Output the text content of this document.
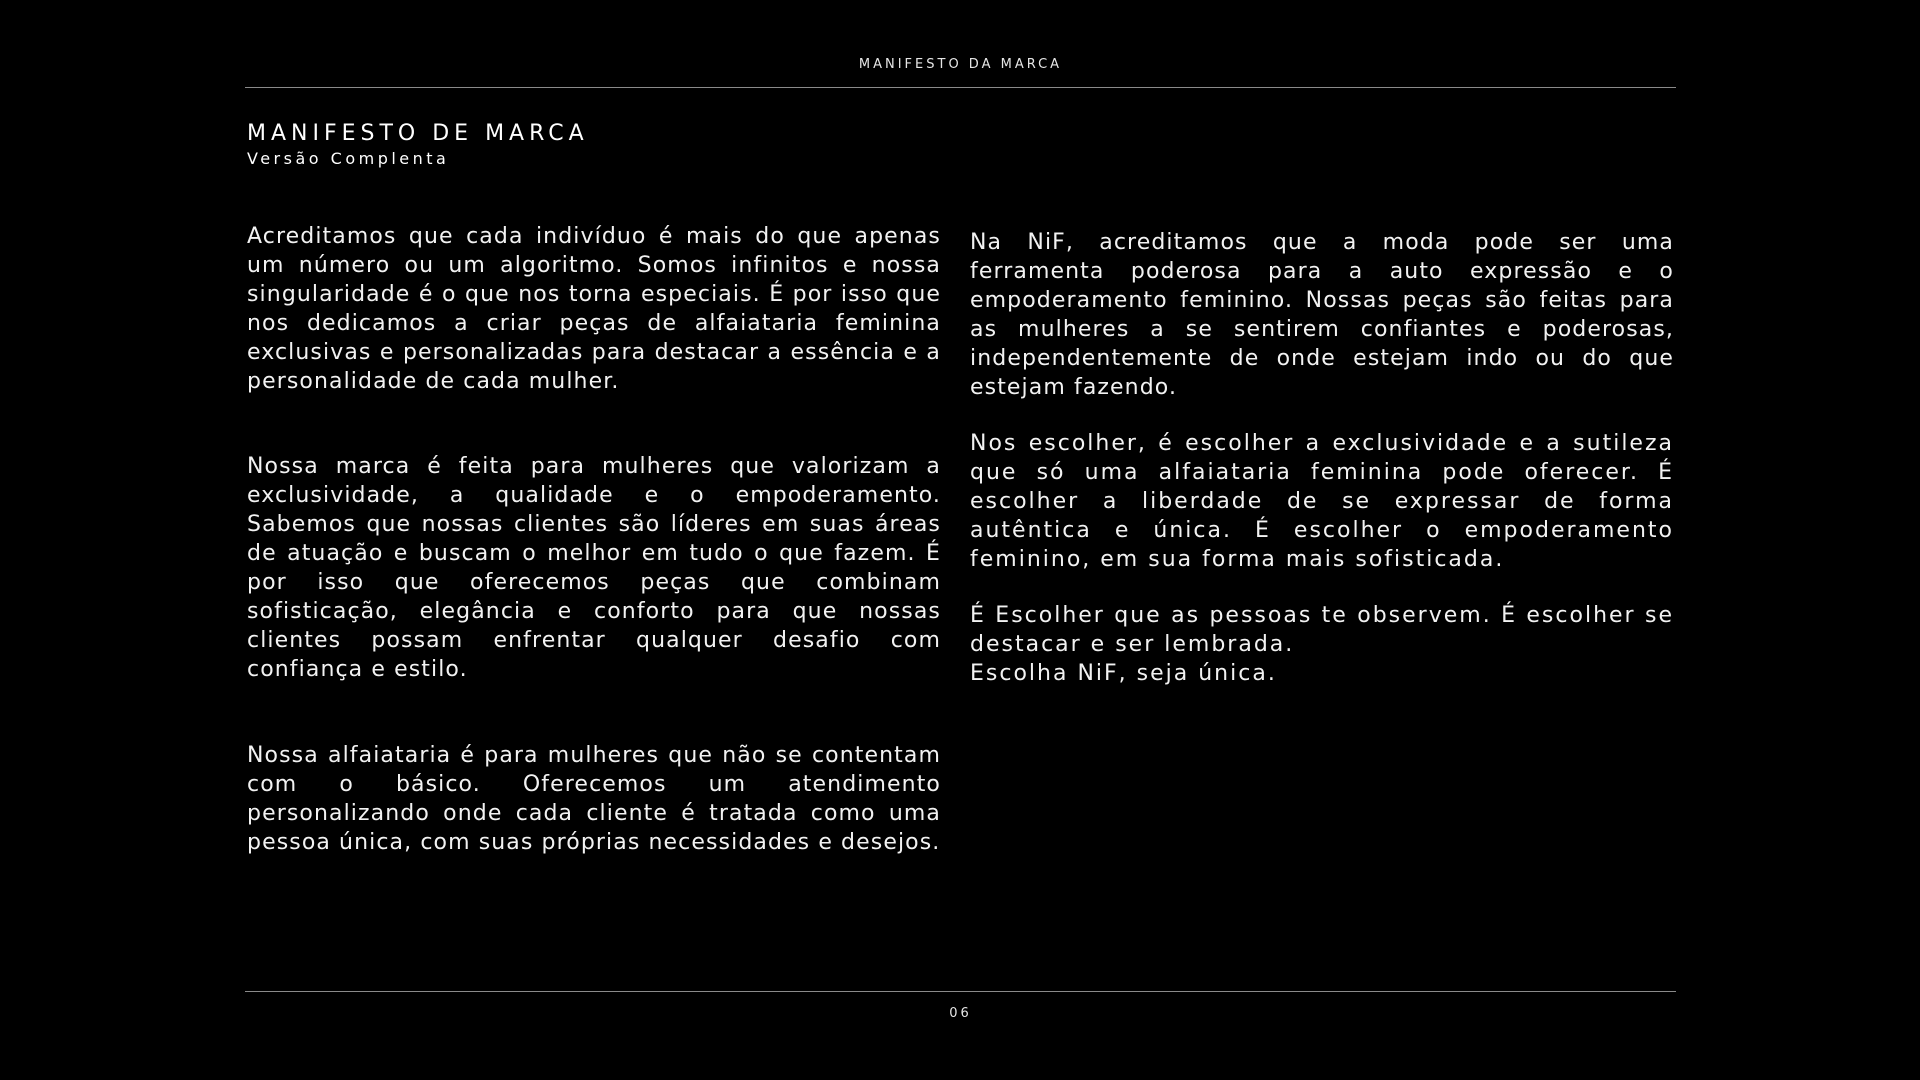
MANIFESTO DA MARCA
MANIFESTO DE MARCA
Versão Complenta

Acreditamos que cada indivíduo é mais do que apenas um número ou um algoritmo. Somos infinitos e nossa singularidade é o que nos torna especiais. É por isso que nos dedicamos a criar peças de alfaiataria feminina exclusivas e personalizadas para destacar a essência e a personalidade de cada mulher.

Nossa marca é feita para mulheres que valorizam a exclusividade, a qualidade e o empoderamento. Sabemos que nossas clientes são líderes em suas áreas de atuação e buscam o melhor em tudo o que fazem. É por isso que oferecemos peças que combinam sofisticação, elegância e conforto para que nossas clientes possam enfrentar qualquer desafio com confiança e estilo.

Nossa alfaiataria é para mulheres que não se contentam com o básico. Oferecemos um atendimento personalizando onde cada cliente é tratada como uma pessoa única, com suas próprias necessidades e desejos.

Na NiF, acreditamos que a moda pode ser uma ferramenta poderosa para a auto expressão e o empoderamento feminino. Nossas peças são feitas para as mulheres a se sentirem confiantes e poderosas, independentemente de onde estejam indo ou do que estejam fazendo.

Nos escolher, é escolher a exclusividade e a sutileza que só uma alfaiataria feminina pode oferecer. É escolher a liberdade de se expressar de forma autêntica e única. É escolher o empoderamento feminino, em sua forma mais sofisticada.

É Escolher que as pessoas te observem. É escolher se destacar e ser lembrada.
Escolha NiF, seja única.

06
